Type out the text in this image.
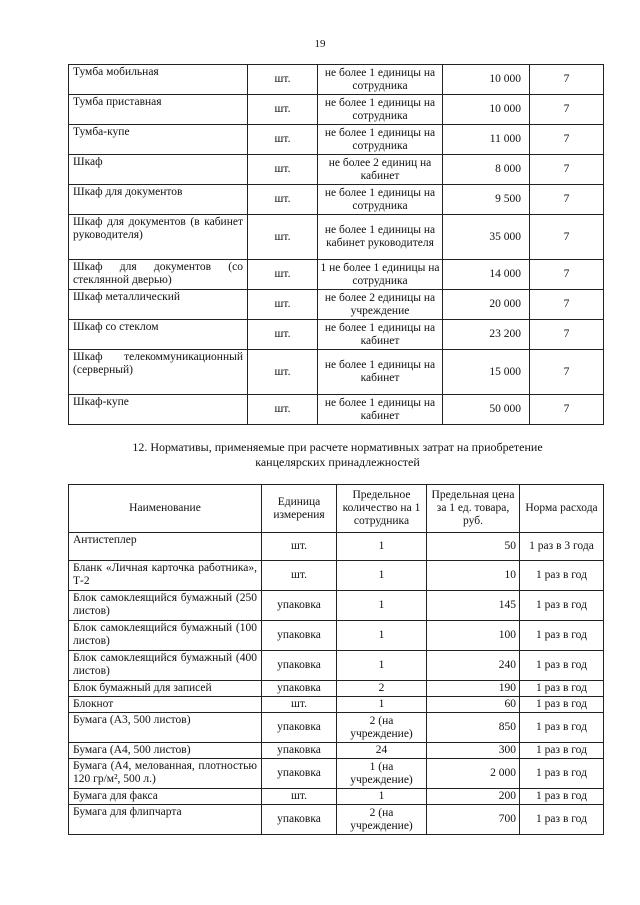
19
Тумба мобильная	шт.	не более 1 единицы на сотрудника	10 000	7
Тумба приставная	шт.	не более 1 единицы на сотрудника	10 000	7
Тумба-купе	шт.	не более 1 единицы на сотрудника	11 000	7
Шкаф	шт.	не более 2 единиц на кабинет	8 000	7
Шкаф для документов	шт.	не более 1 единицы на сотрудника	9 500	7
Шкаф для документов (в кабинет руководителя)	шт.	не более 1 единицы на кабинет руководителя	35 000	7
Шкаф для документов (со стеклянной дверью)	шт.	1 не более 1 единицы на сотрудника	14 000	7
Шкаф металлический	шт.	не более 2 единицы на учреждение	20 000	7
Шкаф со стеклом	шт.	не более 1 единицы на кабинет	23 200	7
Шкаф телекоммуникационный (серверный)	шт.	не более 1 единицы на кабинет	15 000	7
Шкаф-купе	шт.	не более 1 единицы на кабинет	50 000	7
12. Нормативы, применяемые при расчете нормативных затрат на приобретение
канцелярских принадлежностей
Наименование	Единица измерения	Предельное количество на 1 сотрудника	Предельная цена за 1 ед. товара, руб.	Норма расхода
Антистеплер	шт.	1	50	1 раз в 3 года
Бланк «Личная карточка работника», Т-2	шт.	1	10	1 раз в год
Блок самоклеящийся бумажный (250 листов)	упаковка	1	145	1 раз в год
Блок самоклеящийся бумажный (100 листов)	упаковка	1	100	1 раз в год
Блок самоклеящийся бумажный (400 листов)	упаковка	1	240	1 раз в год
Блок бумажный для записей	упаковка	2	190	1 раз в год
Блокнот	шт.	1	60	1 раз в год
Бумага (А3, 500 листов)	упаковка	2 (на учреждение)	850	1 раз в год
Бумага (А4, 500 листов)	упаковка	24	300	1 раз в год
Бумага (А4, мелованная, плотностью 120 гр/м², 500 л.)	упаковка	1 (на учреждение)	2 000	1 раз в год
Бумага для факса	шт.	1	200	1 раз в год
Бумага для флипчарта	упаковка	2 (на учреждение)	700	1 раз в год
